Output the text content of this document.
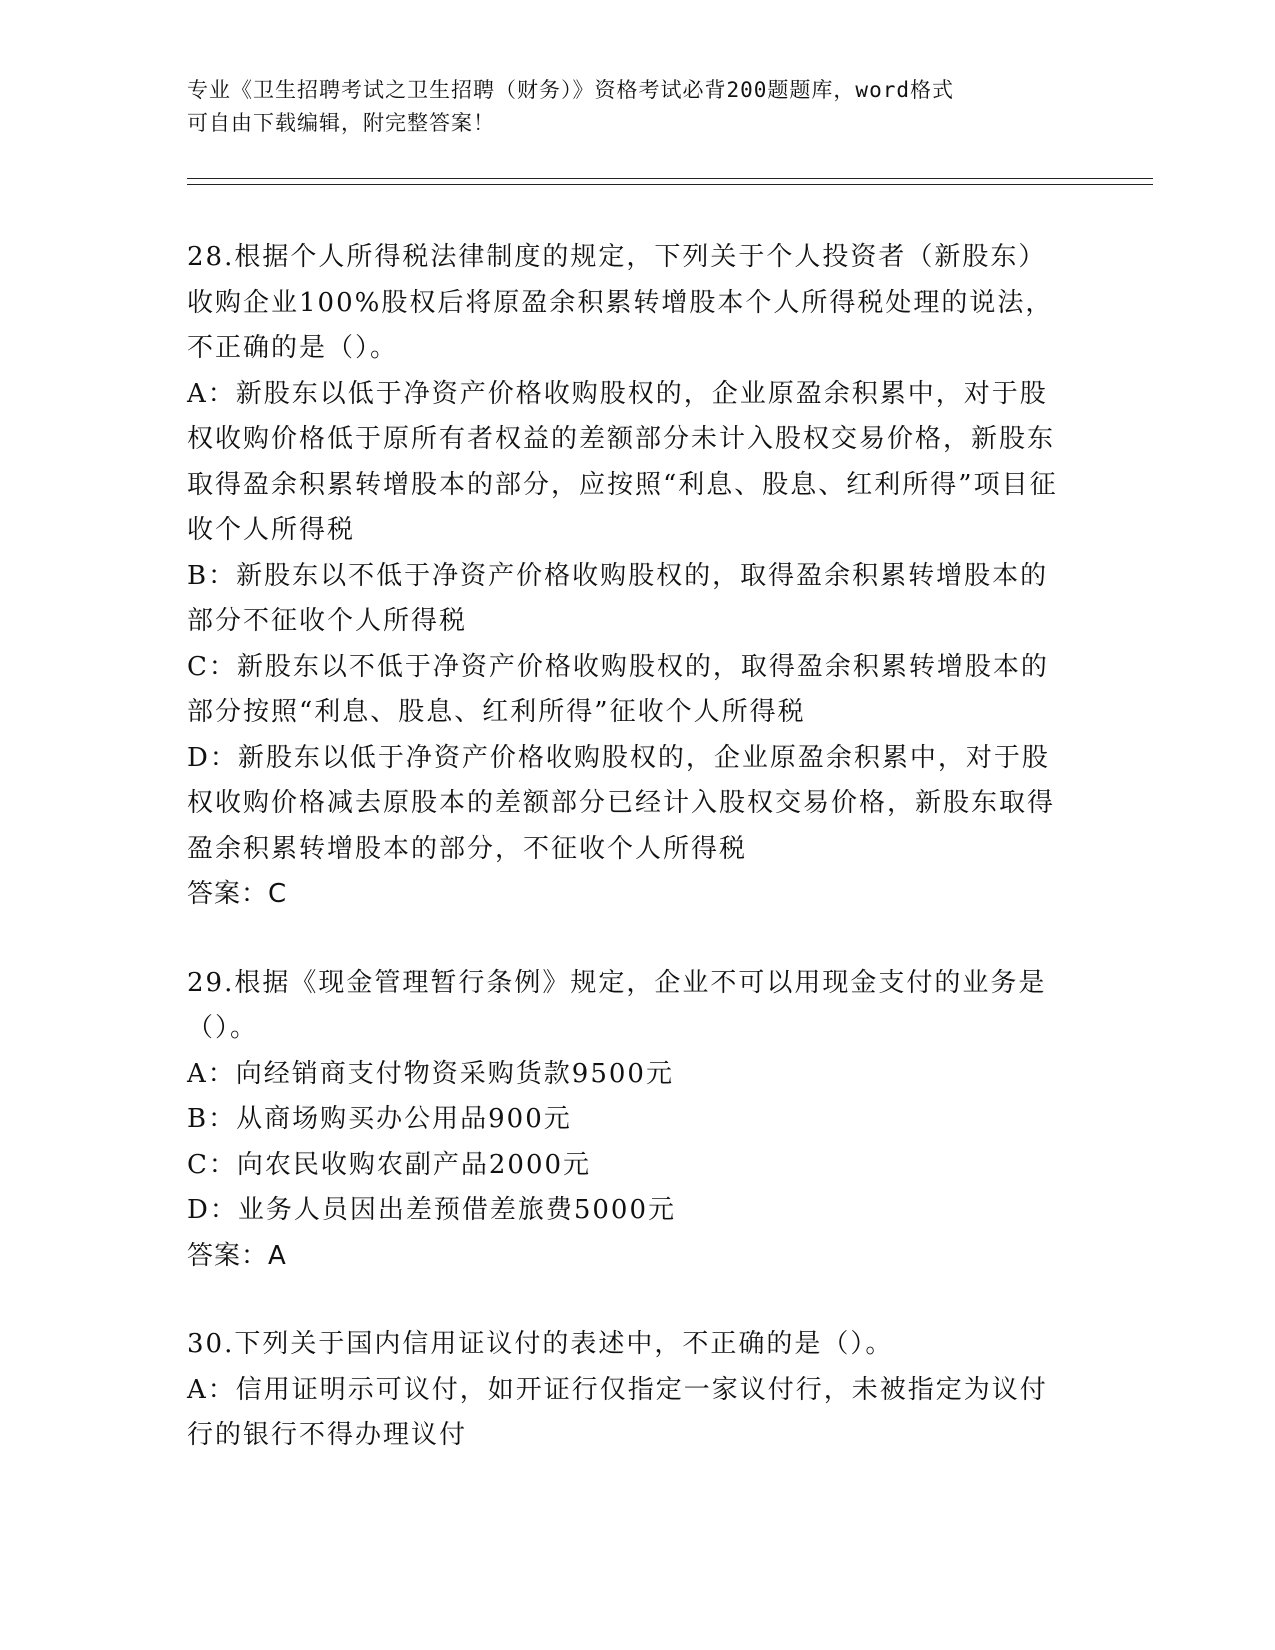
专业《卫生招聘考试之卫生招聘（财务）》资格考试必背200题题库，word格式
可自由下载编辑，附完整答案！
28.根据个人所得税法律制度的规定，下列关于个人投资者（新股东）收购企业100%股权后将原盈余积累转增股本个人所得税处理的说法，不正确的是（）。
A：新股东以低于净资产价格收购股权的，企业原盈余积累中，对于股权收购价格低于原所有者权益的差额部分未计入股权交易价格，新股东取得盈余积累转增股本的部分，应按照“利息、股息、红利所得”项目征收个人所得税
B：新股东以不低于净资产价格收购股权的，取得盈余积累转增股本的部分不征收个人所得税
C：新股东以不低于净资产价格收购股权的，取得盈余积累转增股本的部分按照“利息、股息、红利所得”征收个人所得税
D：新股东以低于净资产价格收购股权的，企业原盈余积累中，对于股权收购价格减去原股本的差额部分已经计入股权交易价格，新股东取得盈余积累转增股本的部分，不征收个人所得税
答案：C
29.根据《现金管理暂行条例》规定，企业不可以用现金支付的业务是（）。
A：向经销商支付物资采购货款9500元
B：从商场购买办公用品900元
C：向农民收购农副产品2000元
D：业务人员因出差预借差旅费5000元
答案：A
30.下列关于国内信用证议付的表述中，不正确的是（）。
A：信用证明示可议付，如开证行仅指定一家议付行，未被指定为议付行的银行不得办理议付
